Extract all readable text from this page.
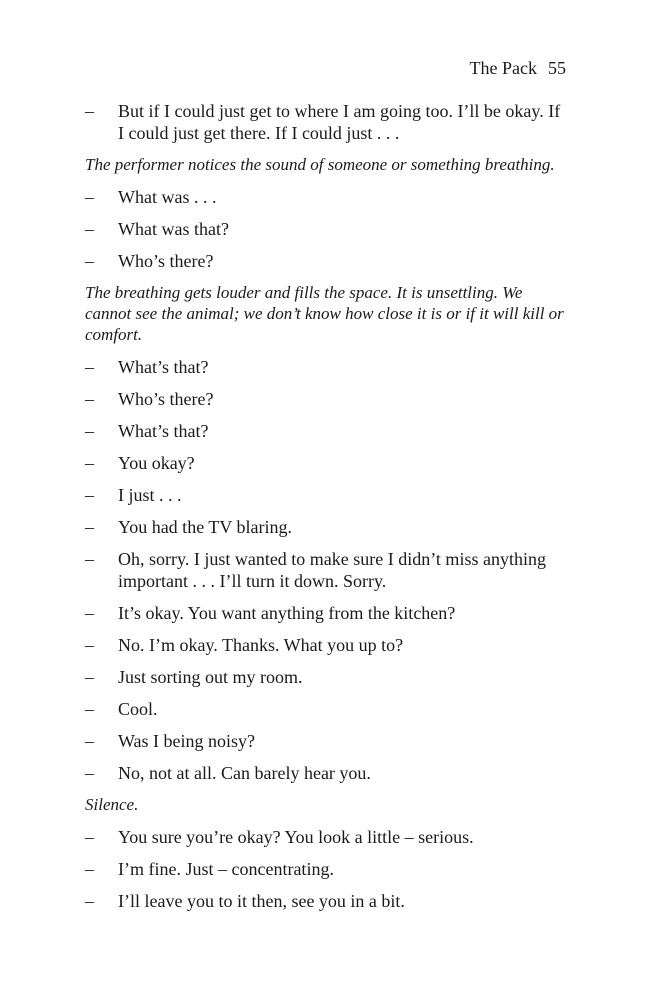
The Pack 55
– But if I could just get to where I am going too. I’ll be okay. If I could just get there. If I could just . . .
The performer notices the sound of someone or something breathing.
– What was . . .
– What was that?
– Who’s there?
The breathing gets louder and fills the space. It is unsettling. We cannot see the animal; we don’t know how close it is or if it will kill or comfort.
– What’s that?
– Who’s there?
– What’s that?
– You okay?
– I just . . .
– You had the TV blaring.
– Oh, sorry. I just wanted to make sure I didn’t miss anything important . . . I’ll turn it down. Sorry.
– It’s okay. You want anything from the kitchen?
– No. I’m okay. Thanks. What you up to?
– Just sorting out my room.
– Cool.
– Was I being noisy?
– No, not at all. Can barely hear you.
Silence.
– You sure you’re okay? You look a little – serious.
– I’m fine. Just – concentrating.
– I’ll leave you to it then, see you in a bit.
